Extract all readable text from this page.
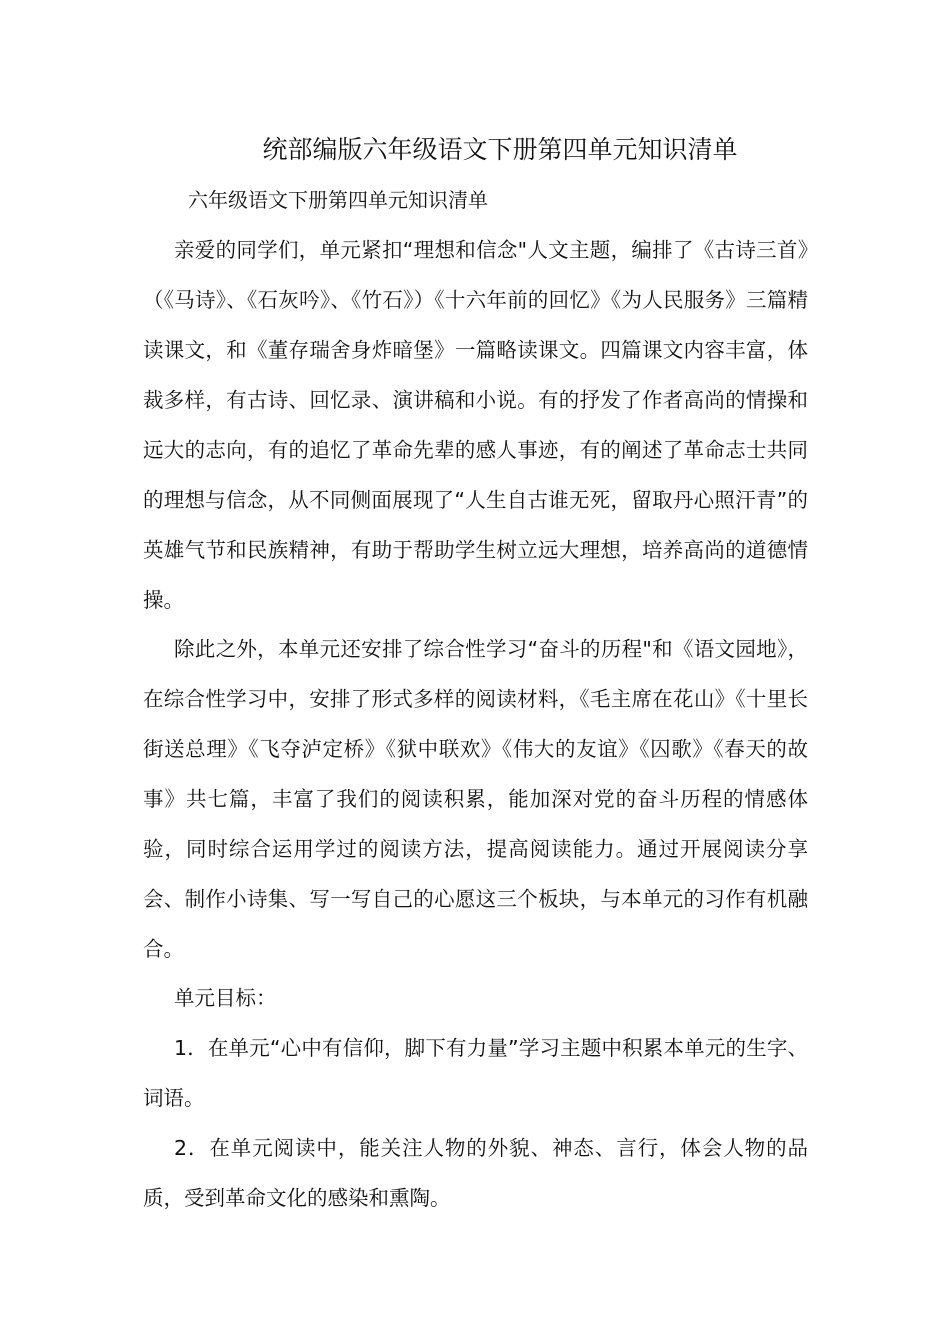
统部编版六年级语文下册第四单元知识清单

六年级语文下册第四单元知识清单

亲爱的同学们，单元紧扣“理想和信念"人文主题，编排了《古诗三首》（《马诗》、《石灰吟》、《竹石》）《十六年前的回忆》《为人民服务》三篇精读课文，和《董存瑞舍身炸暗堡》一篇略读课文。四篇课文内容丰富，体裁多样，有古诗、回忆录、演讲稿和小说。有的抒发了作者高尚的情操和远大的志向，有的追忆了革命先辈的感人事迹，有的阐述了革命志士共同的理想与信念，从不同侧面展现了“人生自古谁无死，留取丹心照汗青”的英雄气节和民族精神，有助于帮助学生树立远大理想，培养高尚的道德情操。

除此之外，本单元还安排了综合性学习“奋斗的历程"和《语文园地》，在综合性学习中，安排了形式多样的阅读材料，《毛主席在花山》《十里长街送总理》《飞夺泸定桥》《狱中联欢》《伟大的友谊》《囚歌》《春天的故事》共七篇，丰富了我们的阅读积累，能加深对党的奋斗历程的情感体验，同时综合运用学过的阅读方法，提高阅读能力。通过开展阅读分享会、制作小诗集、写一写自己的心愿这三个板块，与本单元的习作有机融合。

单元目标：

1．在单元“心中有信仰，脚下有力量”学习主题中积累本单元的生字、词语。

2．在单元阅读中，能关注人物的外貌、神态、言行，体会人物的品质，受到革命文化的感染和熏陶。
